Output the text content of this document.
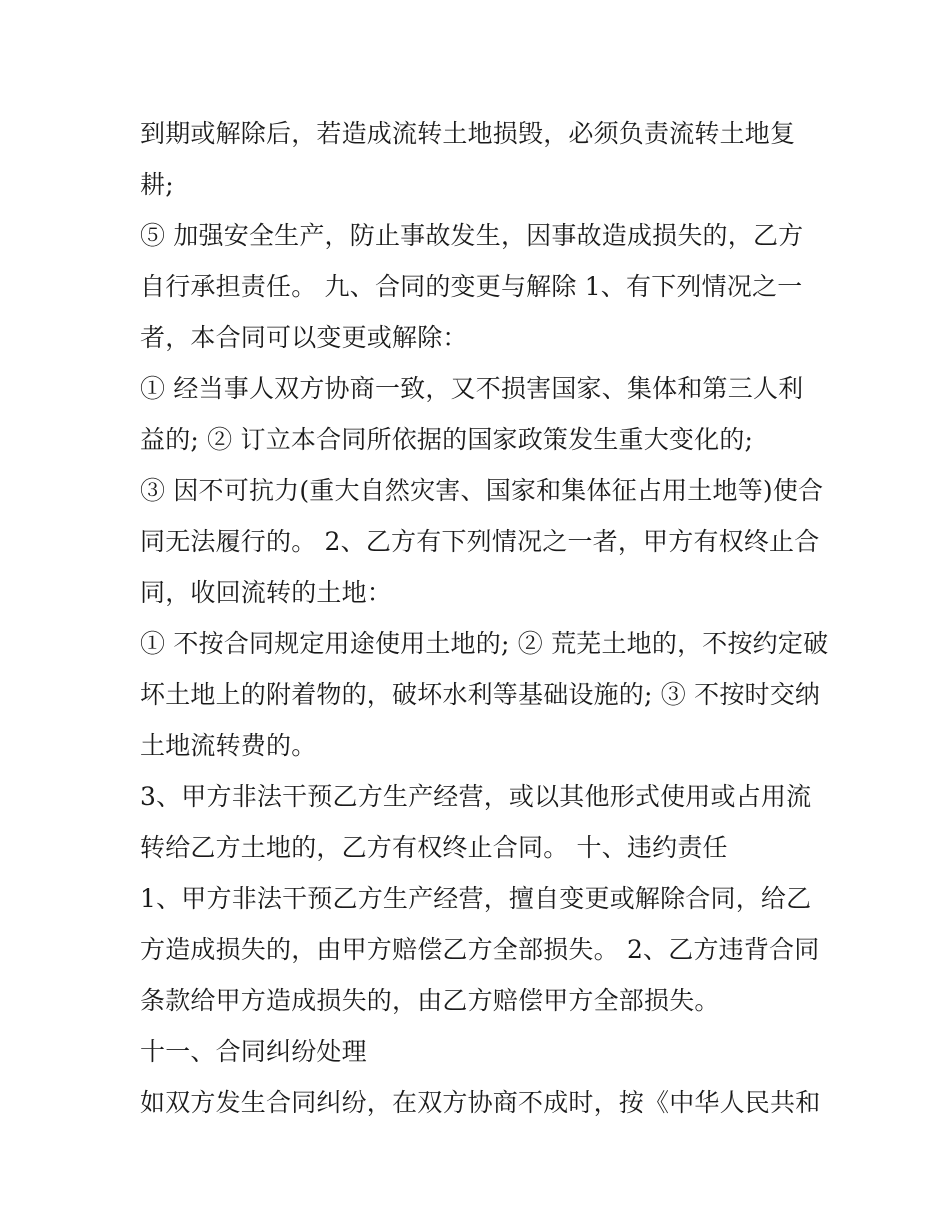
到期或解除后，若造成流转土地损毁，必须负责流转土地复
耕;
⑤ 加强安全生产，防止事故发生，因事故造成损失的，乙方
自行承担责任。 九、合同的变更与解除 1、有下列情况之一
者，本合同可以变更或解除：
① 经当事人双方协商一致，又不损害国家、集体和第三人利
益的; ② 订立本合同所依据的国家政策发生重大变化的;
③ 因不可抗力(重大自然灾害、国家和集体征占用土地等)使合
同无法履行的。 2、乙方有下列情况之一者，甲方有权终止合
同，收回流转的土地：
① 不按合同规定用途使用土地的; ② 荒芜土地的，不按约定破
坏土地上的附着物的，破坏水利等基础设施的; ③ 不按时交纳
土地流转费的。
3、甲方非法干预乙方生产经营，或以其他形式使用或占用流
转给乙方土地的，乙方有权终止合同。 十、违约责任
1、甲方非法干预乙方生产经营，擅自变更或解除合同，给乙
方造成损失的，由甲方赔偿乙方全部损失。 2、乙方违背合同
条款给甲方造成损失的，由乙方赔偿甲方全部损失。
十一、合同纠纷处理
如双方发生合同纠纷，在双方协商不成时，按《中华人民共和
